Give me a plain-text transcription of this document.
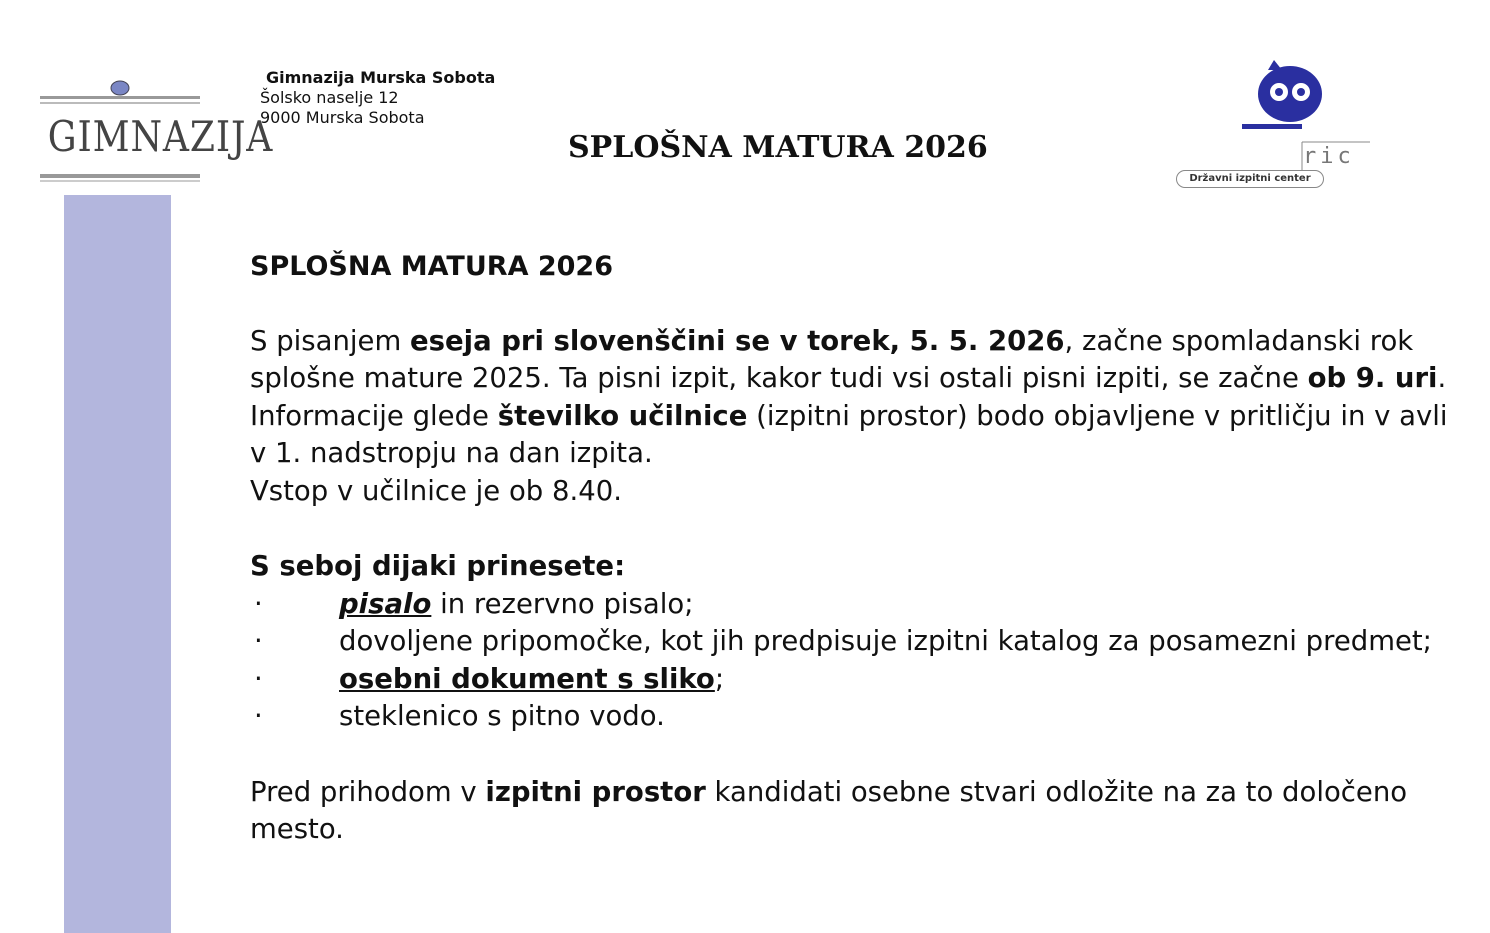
GIMNAZIJA
Gimnazija Murska Sobota
Šolsko naselje 12
9000 Murska Sobota
SPLOŠNA MATURA 2026	ric
Državni izpitni center

SPLOŠNA MATURA 2026

S pisanjem eseja pri slovenščini se v torek, 5. 5. 2026, začne spomladanski rok splošne mature 2025. Ta pisni izpit, kakor tudi vsi ostali pisni izpiti, se začne ob 9. uri.

Informacije glede številko učilnice (izpitni prostor) bodo objavljene v pritličju in v avli v 1. nadstropju na dan izpita.

Vstop v učilnice je ob 8.40.

S seboj dijaki prinesete:

·	pisalo in rezervno pisalo;

·	dovoljene pripomočke, kot jih predpisuje izpitni katalog za posamezni predmet;

·	osebni dokument s sliko;

·	steklenico s pitno vodo.

Pred prihodom v izpitni prostor kandidati osebne stvari odložite na za to določeno mesto.
